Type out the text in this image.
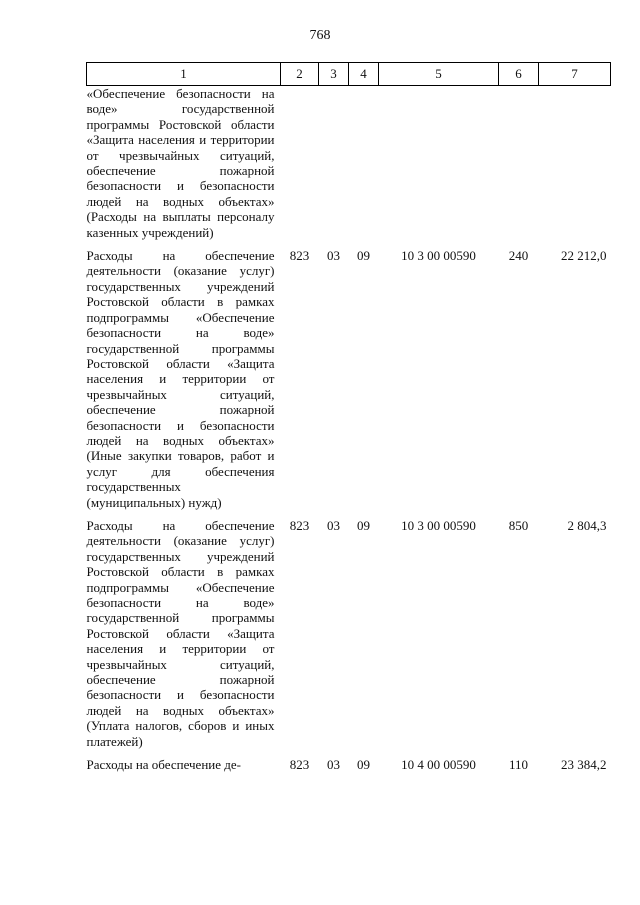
768
1	2	3	4	5	6	7
«Обеспечение безопасности на воде» государственной программы Ростовской области «Защита населения и территории от чрезвычайных ситуаций, обеспечение пожарной безопасности и безопасности людей на водных объектах» (Расходы на выплаты персоналу казенных учреждений)						
Расходы на обеспечение деятельности (оказание услуг) государственных учреждений Ростовской области в рамках подпрограммы «Обеспечение безопасности на воде» государственной программы Ростовской области «Защита населения и территории от чрезвычайных ситуаций, обеспечение пожарной безопасности и безопасности людей на водных объектах» (Иные закупки товаров, работ и услуг для обеспечения государственных (муниципальных) нужд)	823	03	09	10 3 00 00590	240	22 212,0
Расходы на обеспечение деятельности (оказание услуг) государственных учреждений Ростовской области в рамках подпрограммы «Обеспечение безопасности на воде» государственной программы Ростовской области «Защита населения и территории от чрезвычайных ситуаций, обеспечение пожарной безопасности и безопасности людей на водных объектах» (Уплата налогов, сборов и иных платежей)	823	03	09	10 3 00 00590	850	2 804,3
Расходы на обеспечение де-	823	03	09	10 4 00 00590	110	23 384,2
